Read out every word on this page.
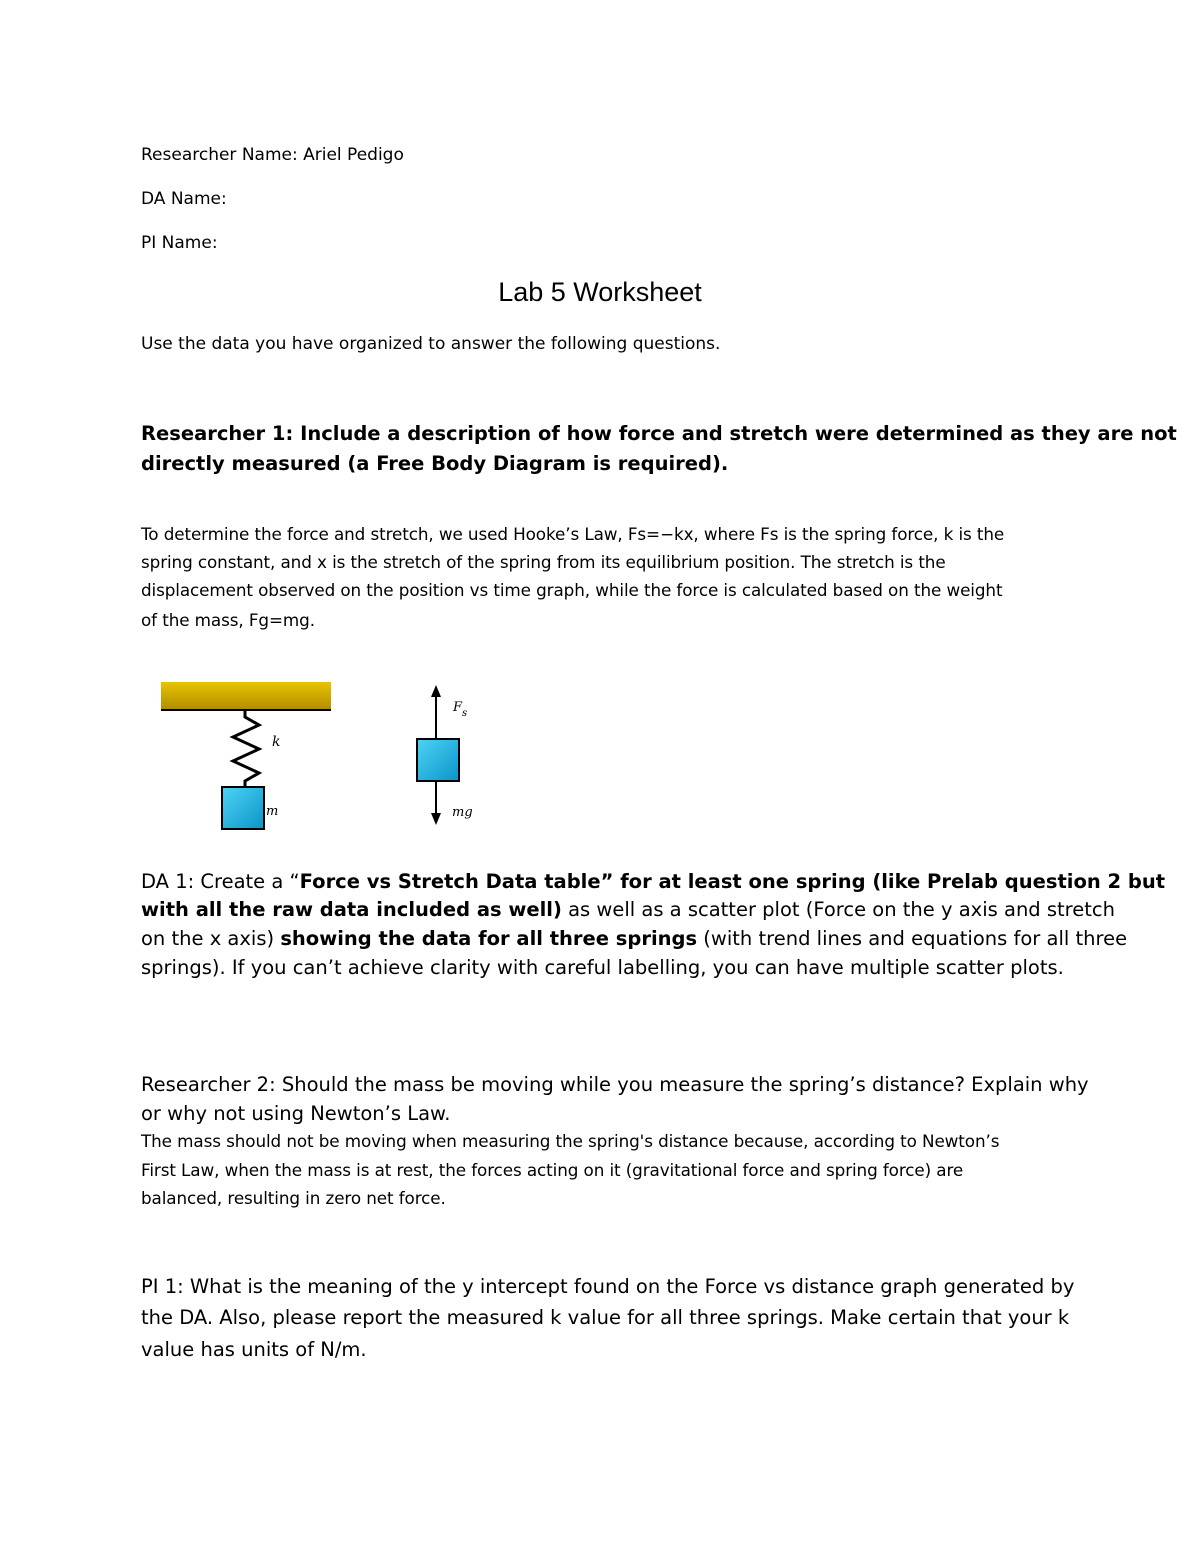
Researcher Name: Ariel Pedigo
DA Name:
PI Name:
Lab 5 Worksheet
Use the data you have organized to answer the following questions.
Researcher 1: Include a description of how force and stretch were determined as they are not
directly measured (a Free Body Diagram is required).
To determine the force and stretch, we used Hooke’s Law, Fs=−kx, where Fs is the spring force, k is the
spring constant, and x is the stretch of the spring from its equilibrium position. The stretch is the
displacement observed on the position vs time graph, while the force is calculated based on the weight
of the mass, Fg=mg.
k
m
$F_s$
mg
DA 1: Create a “Force vs Stretch Data table” for at least one spring (like Prelab question 2 but
with all the raw data included as well) as well as a scatter plot (Force on the y axis and stretch
on the x axis) showing the data for all three springs (with trend lines and equations for all three
springs). If you can’t achieve clarity with careful labelling, you can have multiple scatter plots.
Researcher 2: Should the mass be moving while you measure the spring’s distance? Explain why
or why not using Newton’s Law.
The mass should not be moving when measuring the spring's distance because, according to Newton’s
First Law, when the mass is at rest, the forces acting on it (gravitational force and spring force) are
balanced, resulting in zero net force.
PI 1: What is the meaning of the y intercept found on the Force vs distance graph generated by
the DA. Also, please report the measured k value for all three springs. Make certain that your k
value has units of N/m.
